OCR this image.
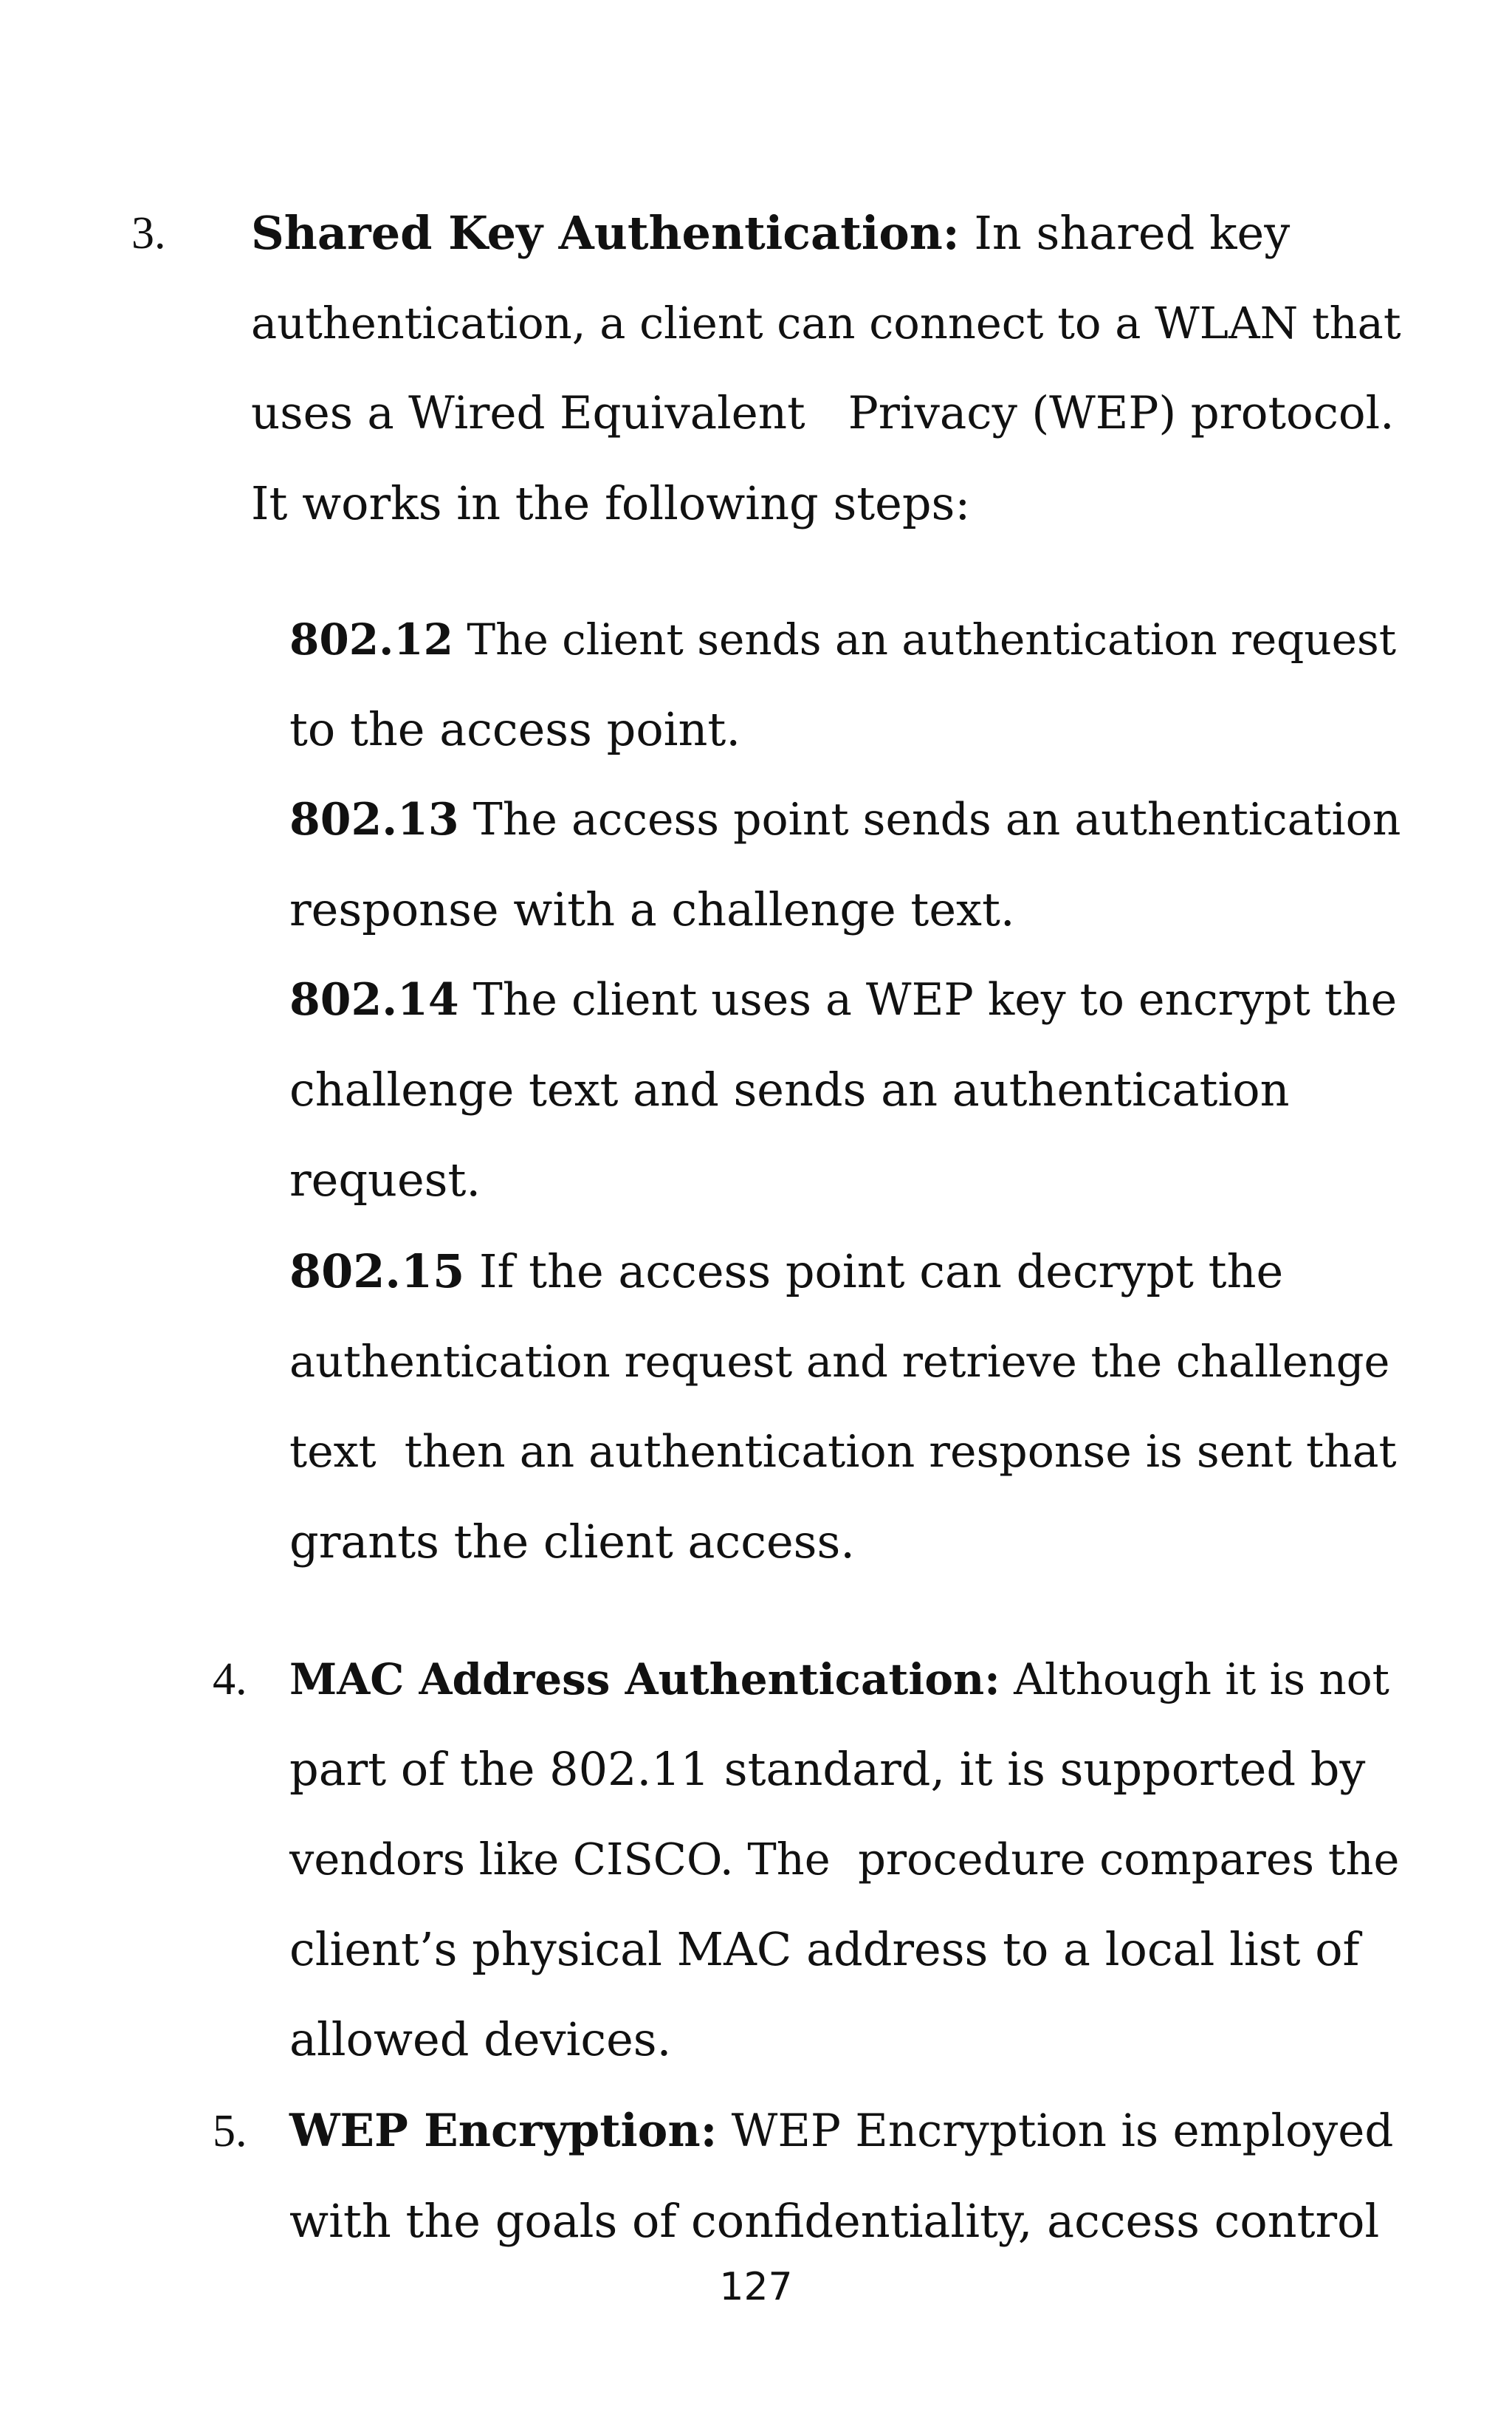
3. Shared Key Authentication: In shared key
authentication, a client can connect to a WLAN that
uses a Wired Equivalent   Privacy (WEP) protocol.
It works in the following steps:
802.12 The client sends an authentication request
to the access point.
802.13 The access point sends an authentication
response with a challenge text.
802.14 The client uses a WEP key to encrypt the
challenge text and sends an authentication
request.
802.15 If the access point can decrypt the
authentication request and retrieve the challenge
text  then an authentication response is sent that
grants the client access.
4. MAC Address Authentication: Although it is not
part of the 802.11 standard, it is supported by
vendors like CISCO. The  procedure compares the
client’s physical MAC address to a local list of
allowed devices.
5. WEP Encryption: WEP Encryption is employed
with the goals of confidentiality, access control
127
